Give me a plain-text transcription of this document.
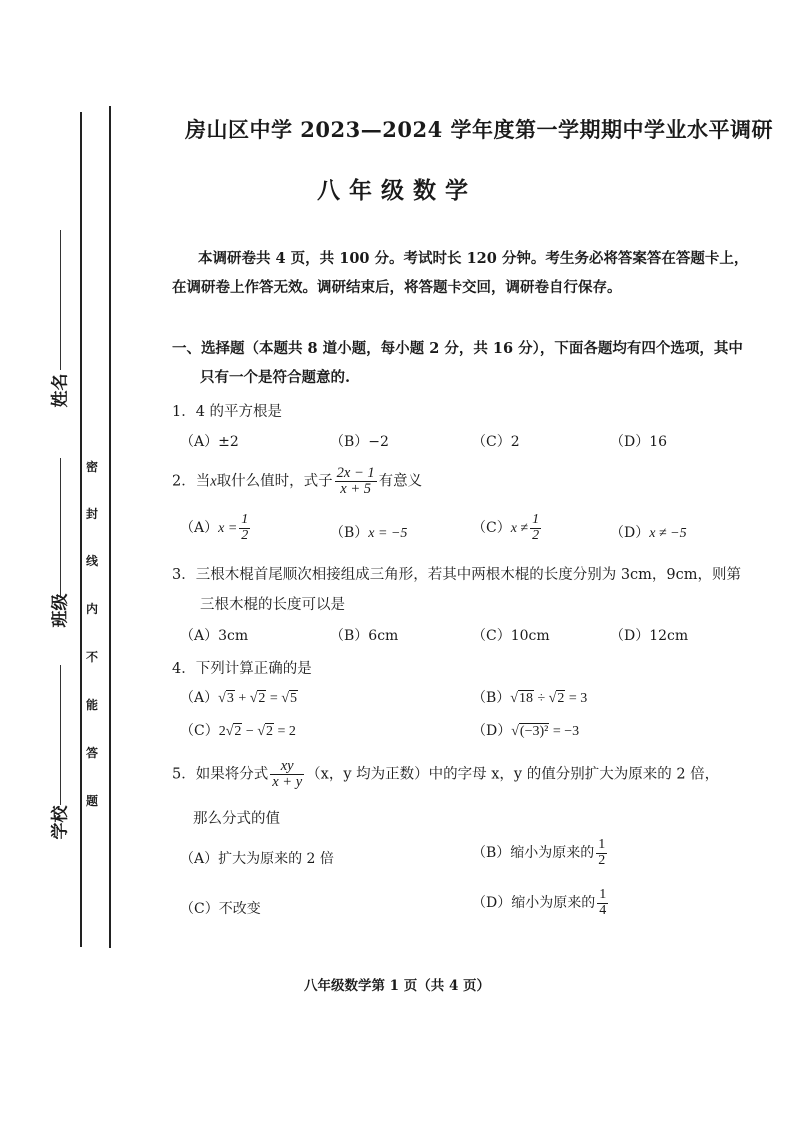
姓名
班级
学校
密
封
线
内
不
能
答
题
房山区中学 2023—2024 学年度第一学期期中学业水平调研
八年级数学
本调研卷共 4 页，共 100 分。考试时长 120 分钟。考生务必将答案答在答题卡上，
在调研卷上作答无效。调研结束后，将答题卡交回，调研卷自行保存。
一、选择题（本题共 8 道小题，每小题 2 分，共 16 分），下面各题均有四个选项，其中
只有一个是符合题意的.
1．4 的平方根是
（A）±2	（B）−2	（C）2	（D）16
2．当x取什么值时，式子 $\frac{2x - 1}{x + 5}$ 有意义
$(A)x = \frac{1}{2}$	（B）x = −5	$(C)x \ne \frac{1}{2}$	（D）x ≠ −5
3．三根木棍首尾顺次相接组成三角形，若其中两根木棍的长度分别为 3cm，9cm，则第
三根木棍的长度可以是
（A）3cm	（B）6cm	（C）10cm	（D）12cm
4．下列计算正确的是
（A）√3 + √2 = √5	（B）√18 ÷ √2 = 3
（C）2√2 − √2 = 2	（D）√(−3)² = −3
5．如果将分式 $\frac{xy}{x + y} (x$，y 均为正数）中的字母 x，y 的值分别扩大为原来的 2 倍，
那么分式的值
（A）扩大为原来的 2 倍	（B）缩小为原来的 $\frac{1}{2}$
（C）不改变	（D）缩小为原来的 $\frac{1}{4}$
八年级数学第 1 页（共 4 页）
